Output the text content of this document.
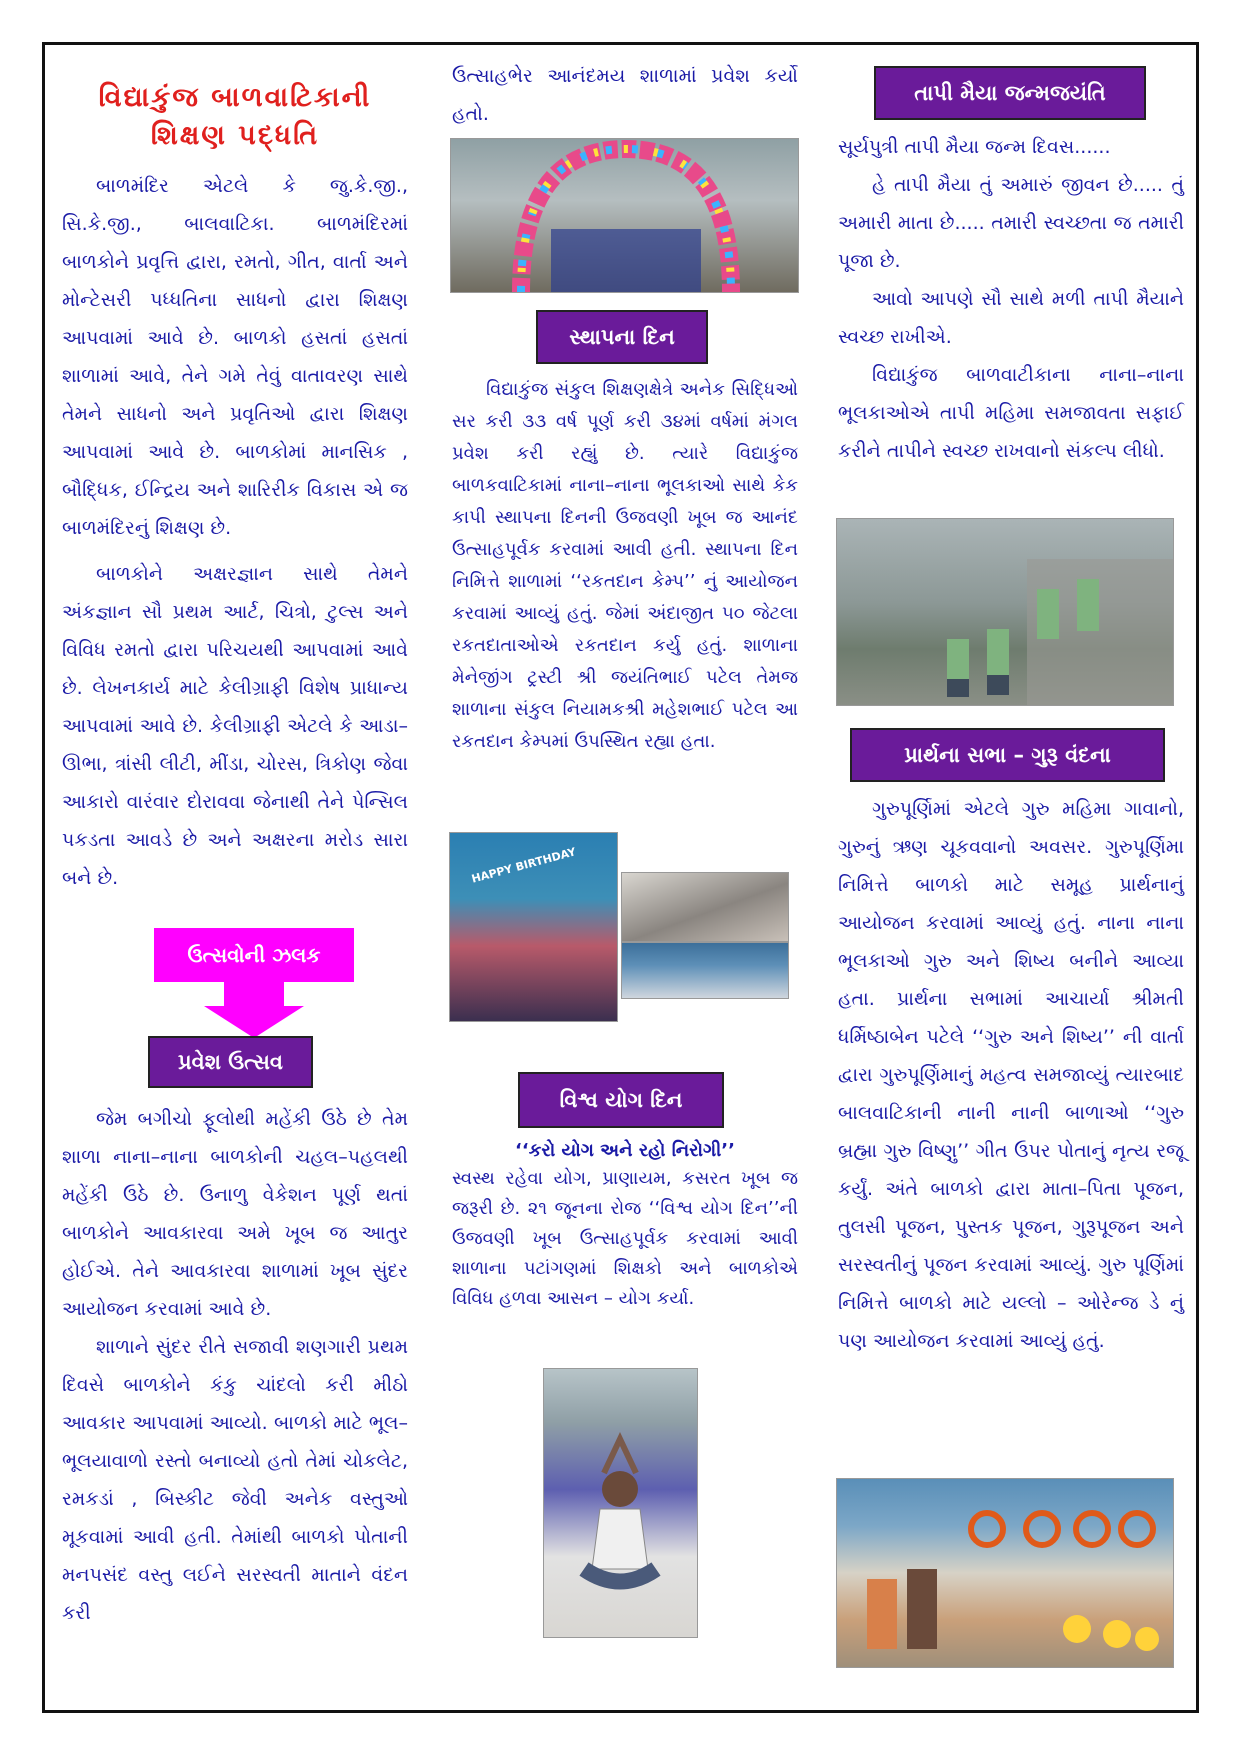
વિદ્યાકુંજ બાળવાટિકાની
શિક્ષણ પદ્ધતિ

બાળમંદિર એટલે કે જુ.કે.જી., સિ.કે.જી., બાલવાટિકા. બાળમંદિરમાં બાળકોને પ્રવૃત્તિ દ્વારા, રમતો, ગીત, વાર્તા અને મોન્ટેસરી પધ્ધતિના સાધનો દ્વારા શિક્ષણ આપવામાં આવે છે. બાળકો હસતાં હસતાં શાળામાં આવે, તેને ગમે તેવું વાતાવરણ સાથે તેમને સાધનો અને પ્રવૃતિઓ દ્વારા શિક્ષણ આપવામાં આવે છે. બાળકોમાં માનસિક , બૌદ્ધિક, ઈન્દ્રિય અને શારિરીક વિકાસ એ જ બાળમંદિરનું શિક્ષણ છે.

બાળકોને અક્ષરજ્ઞાન સાથે તેમને અંકજ્ઞાન સૌ પ્રથમ આર્ટ, ચિત્રો, ટુલ્સ અને વિવિધ રમતો દ્વારા પરિચયથી આપવામાં આવે છે. લેખનકાર્ય માટે કેલીગ્રાફી વિશેષ પ્રાધાન્ય આપવામાં આવે છે. કેલીગ્રાફી એટલે કે આડા–ઊભા, ત્રાંસી લીટી, મીંડા, ચોરસ, ત્રિકોણ જેવા આકારો વારંવાર દોરાવવા જેનાથી તેને પેન્સિલ પકડતા આવડે છે અને અક્ષરના મરોડ સારા બને છે.

ઉત્સવોની ઝલક
પ્રવેશ ઉત્સવ

જેમ બગીચો ફૂલોથી મહેંકી ઉઠે છે તેમ શાળા નાના–નાના બાળકોની ચહલ–પહલથી મહેંકી ઉઠે છે. ઉનાળુ વેકેશન પૂર્ણ થતાં બાળકોને આવકારવા અમે ખૂબ જ આતુર હોઈએ. તેને આવકારવા શાળામાં ખૂબ સુંદર આયોજન કરવામાં આવે છે.

શાળાને સુંદર રીતે સજાવી શણગારી પ્રથમ દિવસે બાળકોને કંકુ ચાંદલો કરી મીઠો આવકાર આપવામાં આવ્યો. બાળકો માટે ભૂલ–ભૂલયાવાળો રસ્તો બનાવ્યો હતો તેમાં ચોકલેટ, રમકડાં , બિસ્કીટ જેવી અનેક વસ્તુઓ મૂકવામાં આવી હતી. તેમાંથી બાળકો પોતાની મનપસંદ વસ્તુ લઈને સરસ્વતી માતાને વંદન કરી

ઉત્સાહભેર આનંદમય શાળામાં પ્રવેશ કર્યો હતો.

સ્થાપના દિન

વિદ્યાકુંજ સંકુલ શિક્ષણક્ષેત્રે અનેક સિદ્ધિઓ સર કરી ૩૩ વર્ષ પૂર્ણ કરી ૩૪માં વર્ષમાં મંગલ પ્રવેશ કરી રહ્યું છે. ત્યારે વિદ્યાકુંજ બાળકવાટિકામાં નાના–નાના ભૂલકાઓ સાથે કેક કાપી સ્થાપના દિનની ઉજવણી ખૂબ જ આનંદ ઉત્સાહપૂર્વક કરવામાં આવી હતી. સ્થાપના દિન નિમિત્તે શાળામાં ‘‘રકતદાન કેમ્પ’’ નું આયોજન કરવામાં આવ્યું હતું. જેમાં અંદાજીત ૫૦ જેટલા રકતદાતાઓએ રકતદાન કર્યુ હતું. શાળાના મેનેજીંગ ટ્રસ્ટી શ્રી જયંતિભાઈ પટેલ તેમજ શાળાના સંકુલ નિયામકશ્રી મહેશભાઈ પટેલ આ રકતદાન કેમ્પમાં ઉપસ્થિત રહ્યા હતા.

HAPPY BIRTHDAY
વિશ્વ યોગ દિન
‘‘કરો યોગ અને રહો નિરોગી’’

સ્વસ્થ રહેવા યોગ, પ્રાણાયમ, કસરત ખૂબ જ જરૂરી છે. ૨૧ જૂનના રોજ ‘‘વિશ્વ યોગ દિન’’ની ઉજવણી ખૂબ ઉત્સાહપૂર્વક કરવામાં આવી શાળાના પટાંગણમાં શિક્ષકો અને બાળકોએ વિવિધ હળવા આસન – યોગ કર્યા.

તાપી મૈયા જન્મજયંતિ

સૂર્યપુત્રી તાપી મૈયા જન્મ દિવસ......

હે તાપી મૈયા તું અમારું જીવન છે..... તું અમારી માતા છે..... તમારી સ્વચ્છતા જ તમારી પૂજા છે.

આવો આપણે સૌ સાથે મળી તાપી મૈયાને સ્વચ્છ રાખીએ.

વિદ્યાકુંજ બાળવાટીકાના નાના–નાના ભૂલકાઓએ તાપી મહિમા સમજાવતા સફાઈ કરીને તાપીને સ્વચ્છ રાખવાનો સંકલ્પ લીધો.

પ્રાર્થના સભા – ગુરૂ વંદના

ગુરુપૂર્ણિમાં એટલે ગુરુ મહિમા ગાવાનો, ગુરુનું ઋણ ચૂકવવાનો અવસર. ગુરુપૂર્ણિમા નિમિત્તે બાળકો માટે સમૂહ પ્રાર્થનાનું આયોજન કરવામાં આવ્યું હતું. નાના નાના ભૂલકાઓ ગુરુ અને શિષ્ય બનીને આવ્યા હતા. પ્રાર્થના સભામાં આચાર્યા શ્રીમતી ધર્મિષ્ઠાબેન પટેલે ‘‘ગુરુ અને શિષ્ય’’ ની વાર્તા દ્વારા ગુરુપૂર્ણિમાનું મહત્વ સમજાવ્યું ત્યારબાદ બાલવાટિકાની નાની નાની બાળાઓ ‘‘ગુરુ બ્રહ્મા ગુરુ વિષ્ણુ’’ ગીત ઉપર પોતાનું નૃત્ય રજૂ કર્યું. અંતે બાળકો દ્વારા માતા–પિતા પૂજન, તુલસી પૂજન, પુસ્તક પૂજન, ગુરૂપૂજન અને સરસ્વતીનું પૂજન કરવામાં આવ્યું. ગુરુ પૂર્ણિમાં નિમિત્તે બાળકો માટે યલ્લો – ઓરેન્જ ડે નું પણ આયોજન કરવામાં આવ્યું હતું.
